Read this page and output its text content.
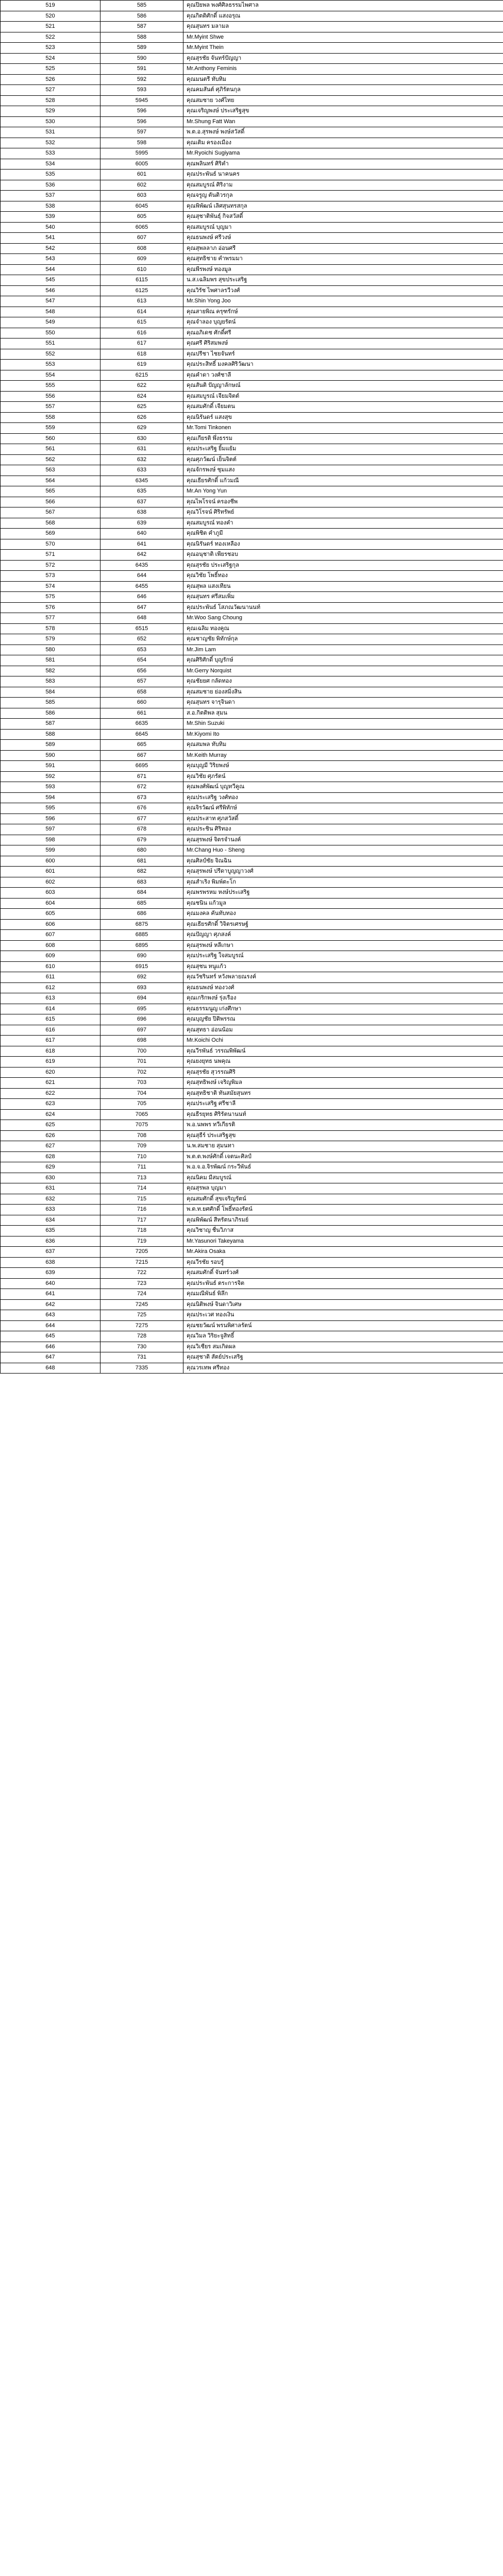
519	585	คุณปิยพล พงศ์ศิลธรรมไพศาล
520	586	คุณกิตติศักดิ์ แสงอรุณ
521	587	คุณสุนทร มลามล
522	588	Mr.Myint Shwe
523	589	Mr.Myint Thein
524	590	คุณสุรชัย จันทร์ปัญญา
525	591	Mr.Anthony Feminis
526	592	คุณมนตรี ทับทิม
527	593	คุณคมสันต์ ศุภิรัตนกุล
528	5945	คุณสมชาย วงศ์ไทย
529	596	คุณเจริญพงษ์ ประเสริฐสุข
530	596	Mr.Shung Fatt Wan
531	597	พ.ต.อ.สุรพงษ์ พงษ์สวัสดิ์
532	598	คุณเติม ครองเมือง
533	5995	Mr.Ryoichi Sugiyama
534	6005	คุณพลินทร์ ศิริคำ
535	601	คุณประพันธ์ นาคนคร
536	602	คุณสมบูรณ์ ศิริงาม
537	603	คุณจรูญ ตันติวรกุล
538	6045	คุณพิพัฒน์ เลิศสุนทรสกุล
539	605	คุณสุชาติพันธุ์ กิจสวัสดิ์
540	6065	คุณสมบูรณ์ บุญมา
541	607	คุณธนพงษ์ ศรีวงษ์
542	608	คุณสุพลลาภ อ่อนศรี
543	609	คุณสุทธิชาย คำพรมมา
544	610	คุณพีรพงษ์ ทองมูล
545	6115	น.ส.เฉลิมพร สุขประเสริฐ
546	6125	คุณวิรัช ไพศาลรวีวงศ์
547	613	Mr.Shin Yong Joo
548	614	คุณสายพิณ ครุฑรักษ์
549	615	คุณจำลอง บุญยรัตน์
550	616	คุณอภิเดช ศักดิ์ศรี
551	617	คุณศรี ศิริสมพงษ์
552	618	คุณปรีชา ไชยจันทร์
553	619	คุณประสิทธิ์ มงคลศิริวัฒนา
554	6215	คุณคำดา วงศ์ชาลี
555	622	คุณสันติ ปัญญาลักษณ์
556	624	คุณสมบูรณ์ เจียมจิตต์
557	625	คุณสมศักดิ์ เจียมตน
558	626	คุณนิรันดร์ แสงสุข
559	629	Mr.Tomi Tinkonen
560	630	คุณเกียรติ พึ่งธรรม
561	631	คุณประเสริฐ ยิ้มแย้ม
562	632	คุณศุภวัฒน์ เย็นจิตต์
563	633	คุณจักรพงษ์ ชุมแสง
564	6345	คุณเธียรศักดิ์ แก้วมณี
565	635	Mr.An Yong Yun
566	637	คุณไพโรจน์ ครองชีพ
567	638	คุณวิโรจน์ ศิริทรัพย์
568	639	คุณสมบูรณ์ ทองคำ
569	640	คุณพิชิต คำภูมี
570	641	คุณนิรันดร์ ทองเหลือง
571	642	คุณอนุชาติ เพียรชอบ
572	6435	คุณสุรชัย ประเสริฐกุล
573	644	คุณวิชัย โพธิ์ทอง
574	6455	คุณสุพล แสงเทียน
575	646	คุณสุนทร ศรีสมเพิ่ม
576	647	คุณประพันธ์ โสภณวัฒนานนท์
577	648	Mr.Woo Sang Choung
578	6515	คุณเฉลิม ทองคูณ
579	652	คุณชาญชัย พิทักษ์กุล
580	653	Mr.Jim Lam
581	654	คุณศิริศักดิ์ บุญรักษ์
582	656	Mr.Gerry Norquist
583	657	คุณชัยยศ กลัดทอง
584	658	คุณสมชาย ย่องสมิ่งสิน
585	660	คุณสุนทร จารุจินดา
586	661	ส.อ.กิตติพล สุมน
587	6635	Mr.Shin Suzuki
588	6645	Mr.Kiyomi Ito
589	665	คุณสมพล ทับทิม
590	667	Mr.Keith Murray
591	6695	คุณบุญมี วิริยพงษ์
592	671	คุณวิชัย ศุภรัตน์
593	672	คุณพงศ์พัฒน์ บุญทวีคูณ
594	673	คุณประเสริฐ วงศ์ทอง
595	676	คุณจิรวัฒน์ ศรีพิทักษ์
596	677	คุณประสาท ศุภสวัสดิ์
597	678	คุณประชิน ศิริทอง
598	679	คุณสุรพงษ์ จิตรจำนงค์
599	680	Mr.Chang Huo - Sheng
600	681	คุณศิลป์ชัย จิณฉิน
601	682	คุณสุรพงษ์ ปรีดาบูญญาวงศ์
602	683	คุณสำเริง พิมพ์ตะโก
603	684	คุณพรพรหม หงษ์ประเสริฐ
604	685	คุณชนิน แก้วมูล
605	686	คุณมงคล คันทับทอง
606	6875	คุณเธียรศักดิ์ วิจิตรเศรษฐ์
607	6885	คุณปัญญา ศุภสงค์
608	6895	คุณสุรพงษ์ หลีเกษา
609	690	คุณประเสริฐ ใจสมบูรณ์
610	6915	คุณสุชน หนูแก้ว
611	692	คุณวัชรินทร์ หวังพลายณรงค์
612	693	คุณธนพงษ์ ทองวงศ์
613	694	คุณเกริกพงษ์ รุ่งเรือง
614	695	คุณธรรมนูญ เก่งศึกษา
615	696	คุณบุญชัย ปิติพรรณ
616	697	คุณสุทธา อ่อนน้อม
617	698	Mr.Koichi Ochi
618	700	คุณวีรพันธ์ วรรณพิพัฒน์
619	701	คุณยงยุทธ นพคุณ
620	702	คุณสุรชัย สุวรรณศิริ
621	703	คุณสุทธิพงษ์ เจริญพิมล
622	704	คุณสุทธิชาติ ทันสมัยสุนทร
623	705	คุณประเสริฐ ศรีชาลี
624	7065	คุณธีรยุทธ ศิริรัตนานนท์
625	7075	พ.อ.นพพร ทวีเกียรติ
626	708	คุณสุธีร์ ประเสริฐสุข
627	709	น.พ.สมชาย สุมนทา
628	710	พ.ต.ต.พงษ์ศักดิ์ เจตนะศิลป์
629	711	พ.อ.จ.อ.จิรพัฒน์ กระวีพันธ์
630	713	คุณนิคม มีสมบูรณ์
631	714	คุณสุรพล บุญมา
632	715	คุณสมศักดิ์ สุขเจริญรัตน์
633	716	พ.ต.ท.ยศศักดิ์ โพธิ์ทองรัตน์
634	717	คุณพิพัฒน์ สีหรัตนาภิรมย์
635	718	คุณวิชาญ ชื่นวิภาส
636	719	Mr.Yasunori Takeyama
637	7205	Mr.Akira Osaka
638	7215	คุณวีรชัย รอบรู้
639	722	คุณสมศักดิ์ จันทร์วงศ์
640	723	คุณประพันธ์ ตระการจิต
641	724	คุณมณีพันธ์ พิลึก
642	7245	คุณนิติพงษ์ จินดาวิเศษ
643	725	คุณประเวศ ทองเงิน
644	7275	คุณชยวัฒน์ พรนพิศาลรัตน์
645	728	คุณวิมล วิริยะจูสิทธิ์
646	730	คุณวิเชียร สมเกิดผล
647	731	คุณสุชาติ สัตย์ประเสริฐ
648	7335	คุณวรเทพ ศรีทอง
